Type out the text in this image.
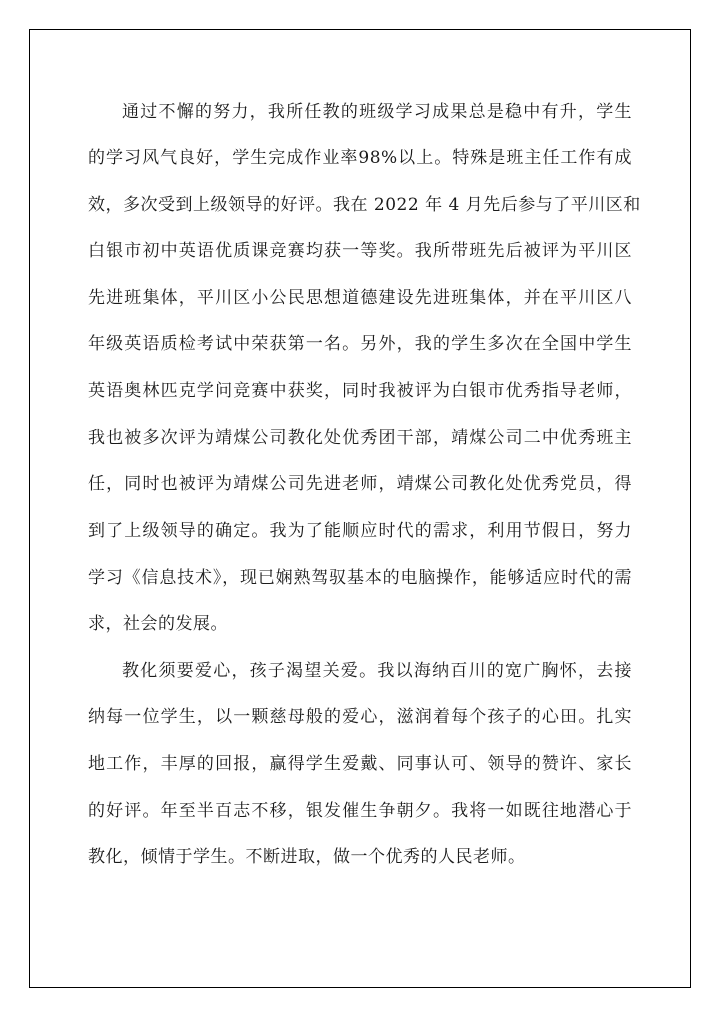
通过不懈的努力，我所任教的班级学习成果总是稳中有升，学生
的学习风气良好，学生完成作业率98%以上。特殊是班主任工作有成
效，多次受到上级领导的好评。我在 2022 年 4 月先后参与了平川区和
白银市初中英语优质课竞赛均获一等奖。我所带班先后被评为平川区
先进班集体，平川区小公民思想道德建设先进班集体，并在平川区八
年级英语质检考试中荣获第一名。另外，我的学生多次在全国中学生
英语奥林匹克学问竞赛中获奖，同时我被评为白银市优秀指导老师，
我也被多次评为靖煤公司教化处优秀团干部，靖煤公司二中优秀班主
任，同时也被评为靖煤公司先进老师，靖煤公司教化处优秀党员，得
到了上级领导的确定。我为了能顺应时代的需求，利用节假日，努力
学习《信息技术》，现已娴熟驾驭基本的电脑操作，能够适应时代的需
求，社会的发展。
教化须要爱心，孩子渴望关爱。我以海纳百川的宽广胸怀，去接
纳每一位学生，以一颗慈母般的爱心，滋润着每个孩子的心田。扎实
地工作，丰厚的回报，赢得学生爱戴、同事认可、领导的赞许、家长
的好评。年至半百志不移，银发催生争朝夕。我将一如既往地潜心于
教化，倾情于学生。不断进取，做一个优秀的人民老师。
